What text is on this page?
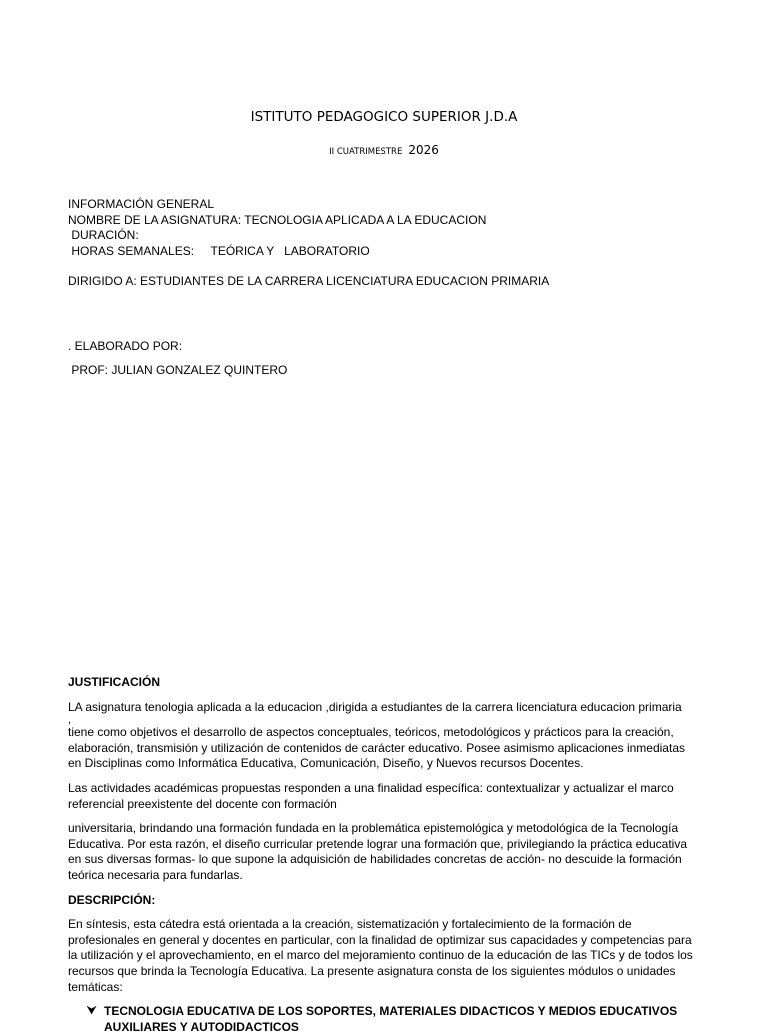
ISTITUTO PEDAGOGICO SUPERIOR J.D.A
II CUATRIMESTRE 2026
INFORMACIÓN GENERAL
NOMBRE DE LA ASIGNATURA: TECNOLOGIA APLICADA A LA EDUCACION
DURACIÓN:
HORAS SEMANALES:     TEÓRICA Y   LABORATORIO
DIRIGIDO A: ESTUDIANTES DE LA CARRERA LICENCIATURA EDUCACION PRIMARIA
. ELABORADO POR:
PROF: JULIAN GONZALEZ QUINTERO
JUSTIFICACIÓN
LA asignatura tenologia aplicada a la educacion ,dirigida a estudiantes de la carrera licenciatura educacion primaria
,
tiene como objetivos el desarrollo de aspectos conceptuales, teóricos, metodológicos y prácticos para la creación, elaboración, transmisión y utilización de contenidos de carácter educativo. Posee asimismo aplicaciones inmediatas en Disciplinas como Informática Educativa, Comunicación, Diseño, y Nuevos recursos Docentes.
Las actividades académicas propuestas responden a una finalidad específica: contextualizar y actualizar el marco referencial preexistente del docente con formación
universitaria, brindando una formación fundada en la problemática epistemológica y metodológica de la Tecnología Educativa. Por esta razón, el diseño curricular pretende lograr una formación que, privilegiando la práctica educativa en sus diversas formas- lo que supone la adquisición de habilidades concretas de acción- no descuide la formación teórica necesaria para fundarlas.
DESCRIPCIÓN:
En síntesis, esta cátedra está orientada a la creación, sistematización y fortalecimiento de la formación de profesionales en general y docentes en particular, con la finalidad de optimizar sus capacidades y competencias para la utilización y el aprovechamiento, en el marco del mejoramiento continuo de la educación de las TICs y de todos los recursos que brinda la Tecnología Educativa. La presente asignatura consta de los siguientes módulos o unidades temáticas:
⮟ TECNOLOGIA EDUCATIVA DE LOS SOPORTES, MATERIALES DIDACTICOS Y MEDIOS EDUCATIVOS AUXILIARES Y AUTODIDACTICOS
